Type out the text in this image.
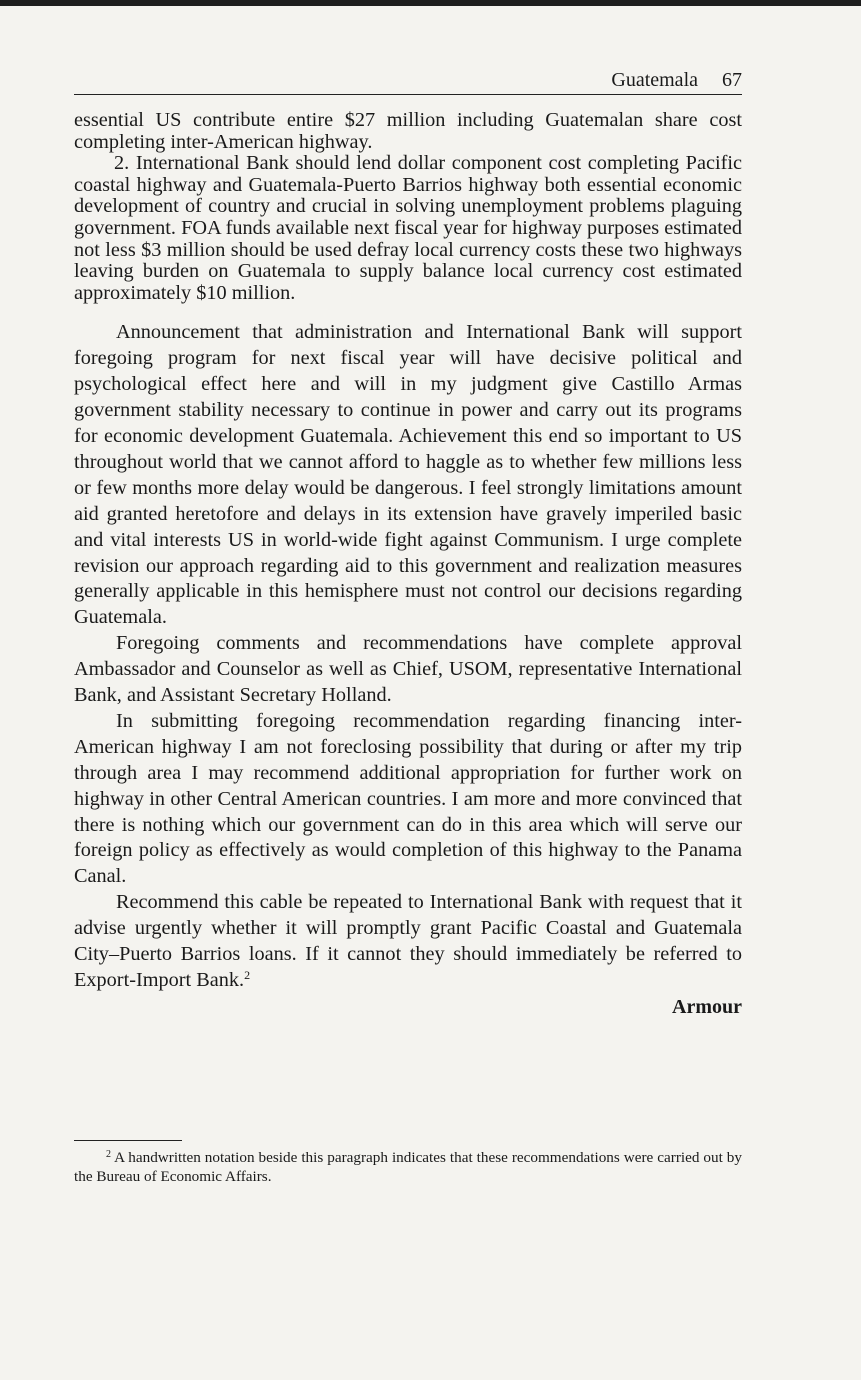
Guatemala 67

essential US contribute entire $27 million including Guatemalan share cost completing inter-American highway.

2. International Bank should lend dollar component cost completing Pacific coastal highway and Guatemala-Puerto Barrios highway both essential economic development of country and crucial in solving unemployment problems plaguing government. FOA funds available next fiscal year for highway purposes estimated not less $3 million should be used defray local currency costs these two highways leaving burden on Guatemala to supply balance local currency cost estimated approximately $10 million.

Announcement that administration and International Bank will support foregoing program for next fiscal year will have decisive political and psychological effect here and will in my judgment give Castillo Armas government stability necessary to continue in power and carry out its programs for economic development Guatemala. Achievement this end so important to US throughout world that we cannot afford to haggle as to whether few millions less or few months more delay would be dangerous. I feel strongly limitations amount aid granted heretofore and delays in its extension have gravely imperiled basic and vital interests US in world-wide fight against Communism. I urge complete revision our approach regarding aid to this government and realization measures generally applicable in this hemisphere must not control our decisions regarding Guatemala.

Foregoing comments and recommendations have complete approval Ambassador and Counselor as well as Chief, USOM, representative International Bank, and Assistant Secretary Holland.

In submitting foregoing recommendation regarding financing inter-American highway I am not foreclosing possibility that during or after my trip through area I may recommend additional appropriation for further work on highway in other Central American countries. I am more and more convinced that there is nothing which our government can do in this area which will serve our foreign policy as effectively as would completion of this highway to the Panama Canal.

Recommend this cable be repeated to International Bank with request that it advise urgently whether it will promptly grant Pacific Coastal and Guatemala City–Puerto Barrios loans. If it cannot they should immediately be referred to Export-Import Bank.$^2$

Armour
$^2$ A handwritten notation beside this paragraph indicates that these recommendations were carried out by the Bureau of Economic Affairs.
